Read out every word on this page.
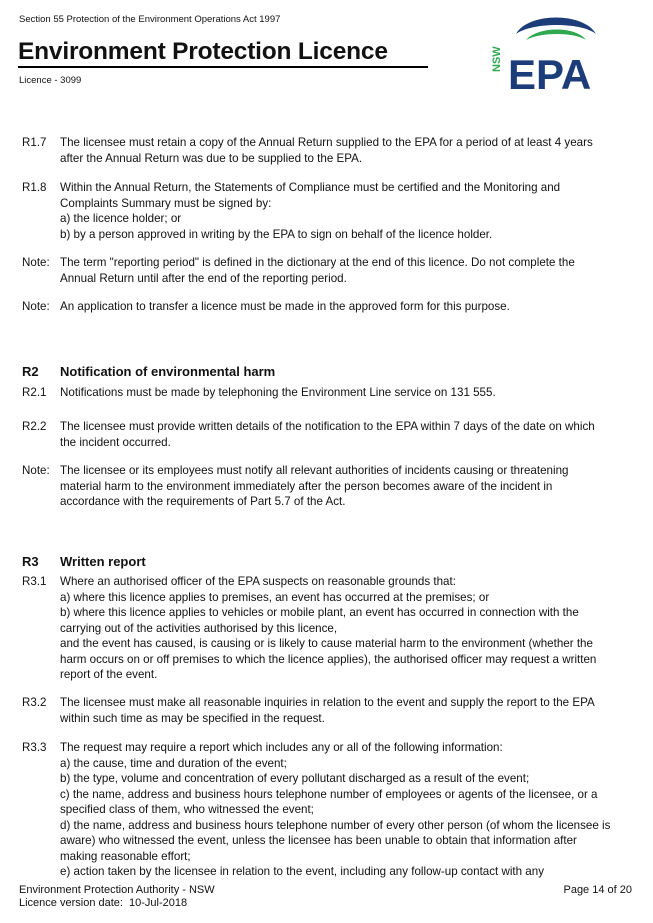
Section 55 Protection of the Environment Operations Act 1997
Environment Protection Licence
Licence - 3099
NSW EPA
R1.7	The licensee must retain a copy of the Annual Return supplied to the EPA for a period of at least 4 years after the Annual Return was due to be supplied to the EPA.
R1.8	Within the Annual Return, the Statements of Compliance must be certified and the Monitoring and Complaints Summary must be signed by:
a) the licence holder; or
b) by a person approved in writing by the EPA to sign on behalf of the licence holder.
Note: The term "reporting period" is defined in the dictionary at the end of this licence. Do not complete the Annual Return until after the end of the reporting period.
Note: An application to transfer a licence must be made in the approved form for this purpose.
R2	Notification of environmental harm
R2.1	Notifications must be made by telephoning the Environment Line service on 131 555.
R2.2	The licensee must provide written details of the notification to the EPA within 7 days of the date on which the incident occurred.
Note: The licensee or its employees must notify all relevant authorities of incidents causing or threatening material harm to the environment immediately after the person becomes aware of the incident in accordance with the requirements of Part 5.7 of the Act.
R3	Written report
R3.1	Where an authorised officer of the EPA suspects on reasonable grounds that:
a) where this licence applies to premises, an event has occurred at the premises; or
b) where this licence applies to vehicles or mobile plant, an event has occurred in connection with the carrying out of the activities authorised by this licence,
and the event has caused, is causing or is likely to cause material harm to the environment (whether the harm occurs on or off premises to which the licence applies), the authorised officer may request a written report of the event.
R3.2	The licensee must make all reasonable inquiries in relation to the event and supply the report to the EPA within such time as may be specified in the request.
R3.3	The request may require a report which includes any or all of the following information:
a) the cause, time and duration of the event;
b) the type, volume and concentration of every pollutant discharged as a result of the event;
c) the name, address and business hours telephone number of employees or agents of the licensee, or a specified class of them, who witnessed the event;
d) the name, address and business hours telephone number of every other person (of whom the licensee is aware) who witnessed the event, unless the licensee has been unable to obtain that information after making reasonable effort;
e) action taken by the licensee in relation to the event, including any follow-up contact with any
Environment Protection Authority - NSW
Licence version date: 10-Jul-2018
Page 14 of 20
